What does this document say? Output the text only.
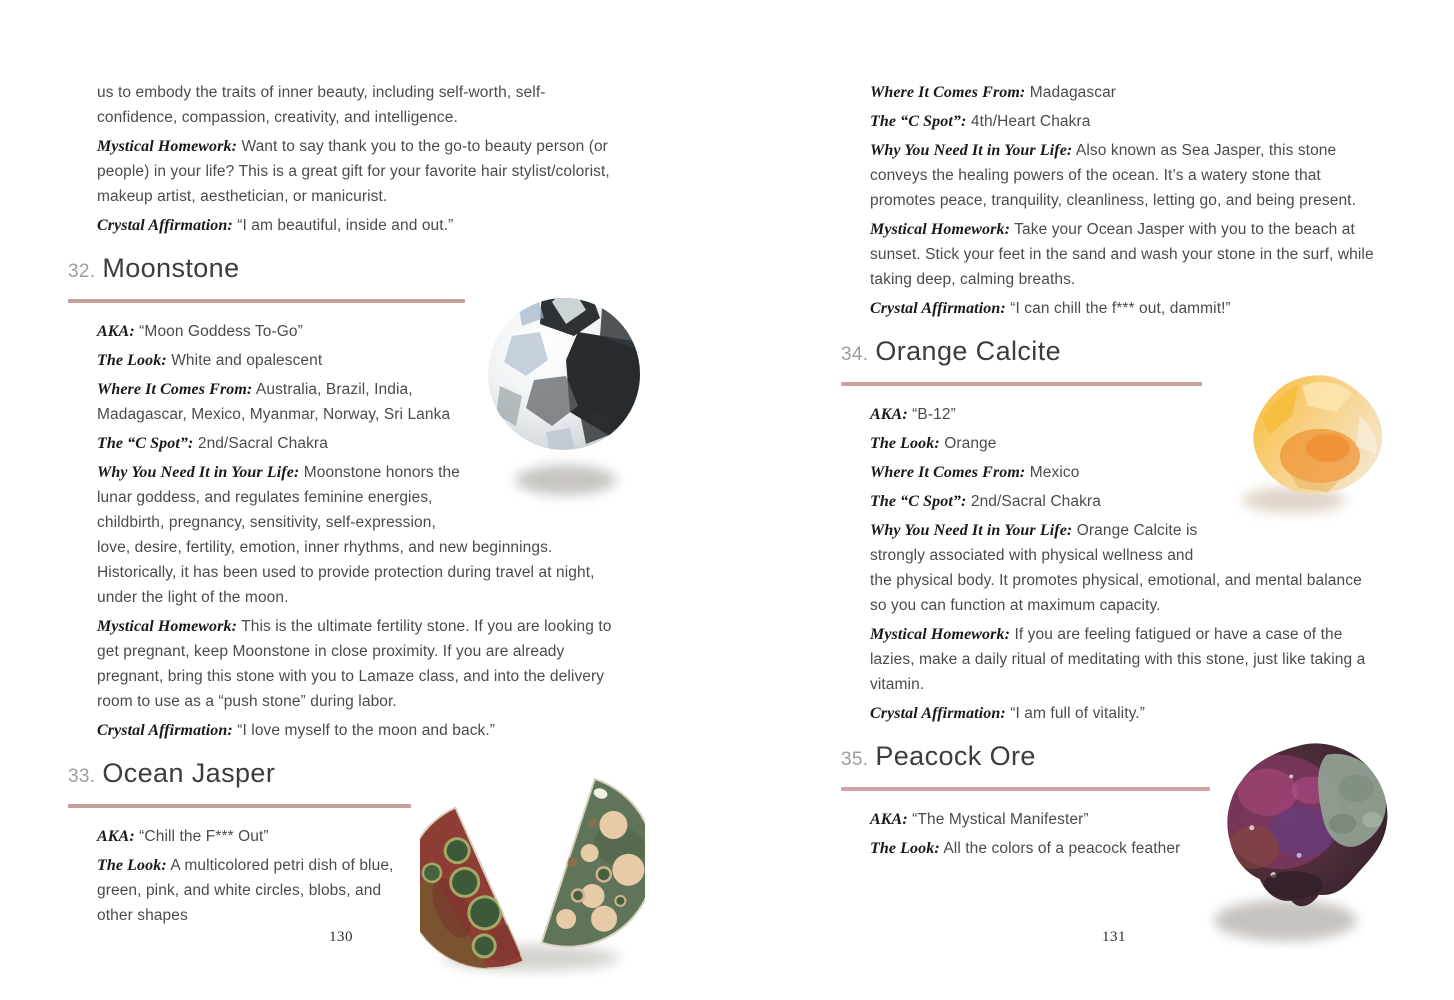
us to embody the traits of inner beauty, including self-worth, self-confidence, compassion, creativity, and intelligence.

Mystical Homework: Want to say thank you to the go-to beauty person (or people) in your life? This is a great gift for your favorite hair stylist/colorist, makeup artist, aesthetician, or manicurist.

Crystal Affirmation: “I am beautiful, inside and out.”

32. Moonstone

AKA: “Moon Goddess To-Go”

The Look: White and opalescent

Where It Comes From: Australia, Brazil, India, Madagascar, Mexico, Myanmar, Norway, Sri Lanka

The “C Spot”: 2nd/Sacral Chakra

Why You Need It in Your Life: Moonstone honors the lunar goddess, and regulates feminine energies, childbirth, pregnancy, sensitivity, self-expression, love, desire, fertility, emotion, inner rhythms, and new beginnings. Historically, it has been used to provide protection during travel at night, under the light of the moon.

Mystical Homework: This is the ultimate fertility stone. If you are looking to get pregnant, keep Moonstone in close proximity. If you are already pregnant, bring this stone with you to Lamaze class, and into the delivery room to use as a “push stone” during labor.

Crystal Affirmation: “I love myself to the moon and back.”

33. Ocean Jasper

AKA: “Chill the F*** Out”

The Look: A multicolored petri dish of blue, green, pink, and white circles, blobs, and other shapes

130

Where It Comes From: Madagascar

The “C Spot”: 4th/Heart Chakra

Why You Need It in Your Life: Also known as Sea Jasper, this stone conveys the healing powers of the ocean. It’s a watery stone that promotes peace, tranquility, cleanliness, letting go, and being present.

Mystical Homework: Take your Ocean Jasper with you to the beach at sunset. Stick your feet in the sand and wash your stone in the surf, while taking deep, calming breaths.

Crystal Affirmation: “I can chill the f*** out, dammit!”

34. Orange Calcite

AKA: “B-12”

The Look: Orange

Where It Comes From: Mexico

The “C Spot”: 2nd/Sacral Chakra

Why You Need It in Your Life: Orange Calcite is strongly associated with physical wellness and the physical body. It promotes physical, emotional, and mental balance so you can function at maximum capacity.

Mystical Homework: If you are feeling fatigued or have a case of the lazies, make a daily ritual of meditating with this stone, just like taking a vitamin.

Crystal Affirmation: “I am full of vitality.”

35. Peacock Ore

AKA: “The Mystical Manifester”

The Look: All the colors of a peacock feather

131
